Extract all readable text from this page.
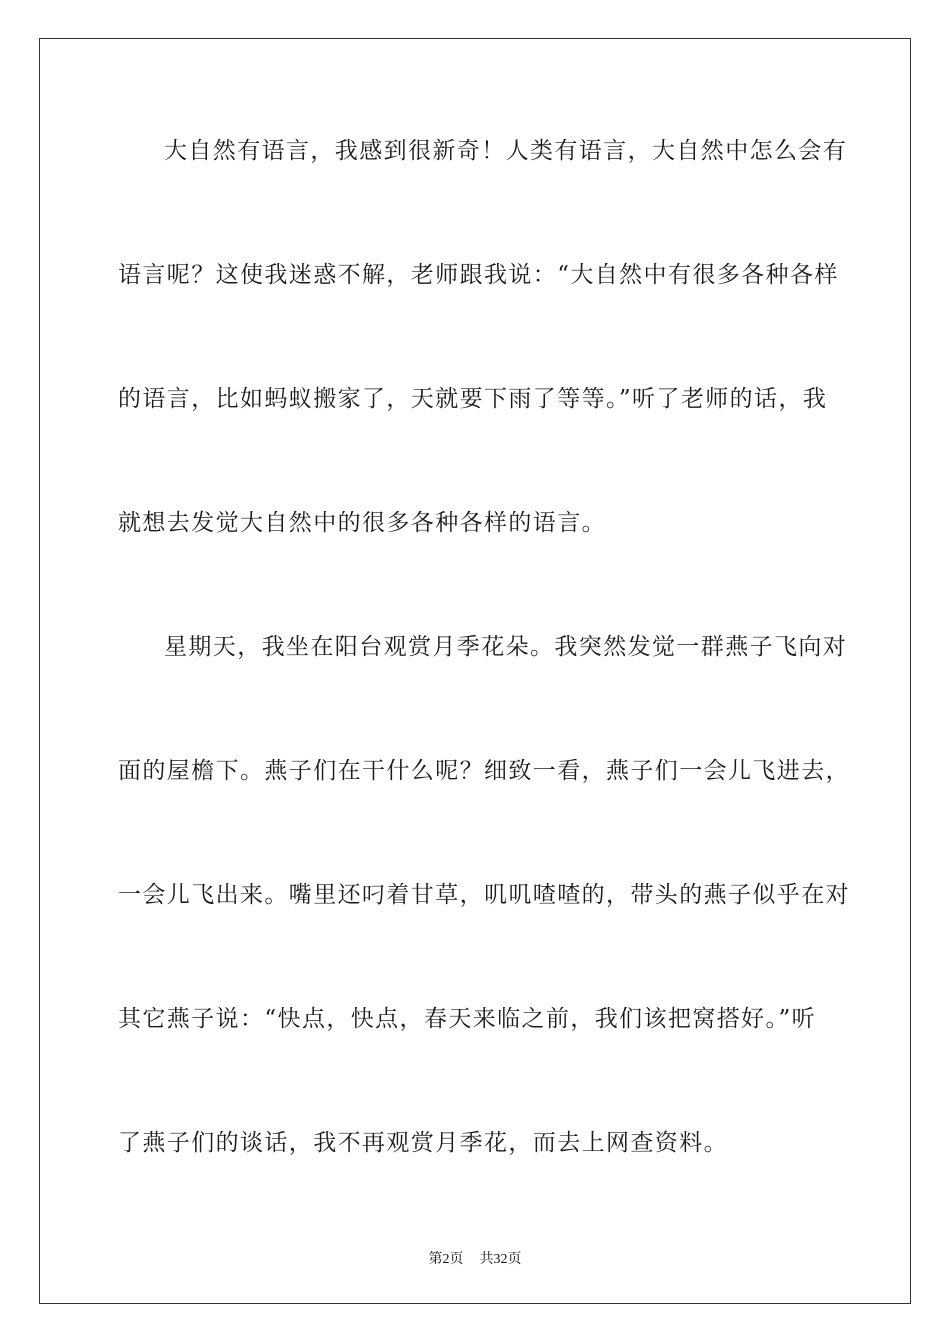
大自然有语言，我感到很新奇！人类有语言，大自然中怎么会有
语言呢？这使我迷惑不解，老师跟我说：“大自然中有很多各种各样
的语言，比如蚂蚁搬家了，天就要下雨了等等。”听了老师的话，我
就想去发觉大自然中的很多各种各样的语言。
星期天，我坐在阳台观赏月季花朵。我突然发觉一群燕子飞向对
面的屋檐下。燕子们在干什么呢？细致一看，燕子们一会儿飞进去，
一会儿飞出来。嘴里还叼着甘草，叽叽喳喳的，带头的燕子似乎在对
其它燕子说：“快点，快点，春天来临之前，我们该把窝搭好。”听
了燕子们的谈话，我不再观赏月季花，而去上网查资料。
第2页 共32页
